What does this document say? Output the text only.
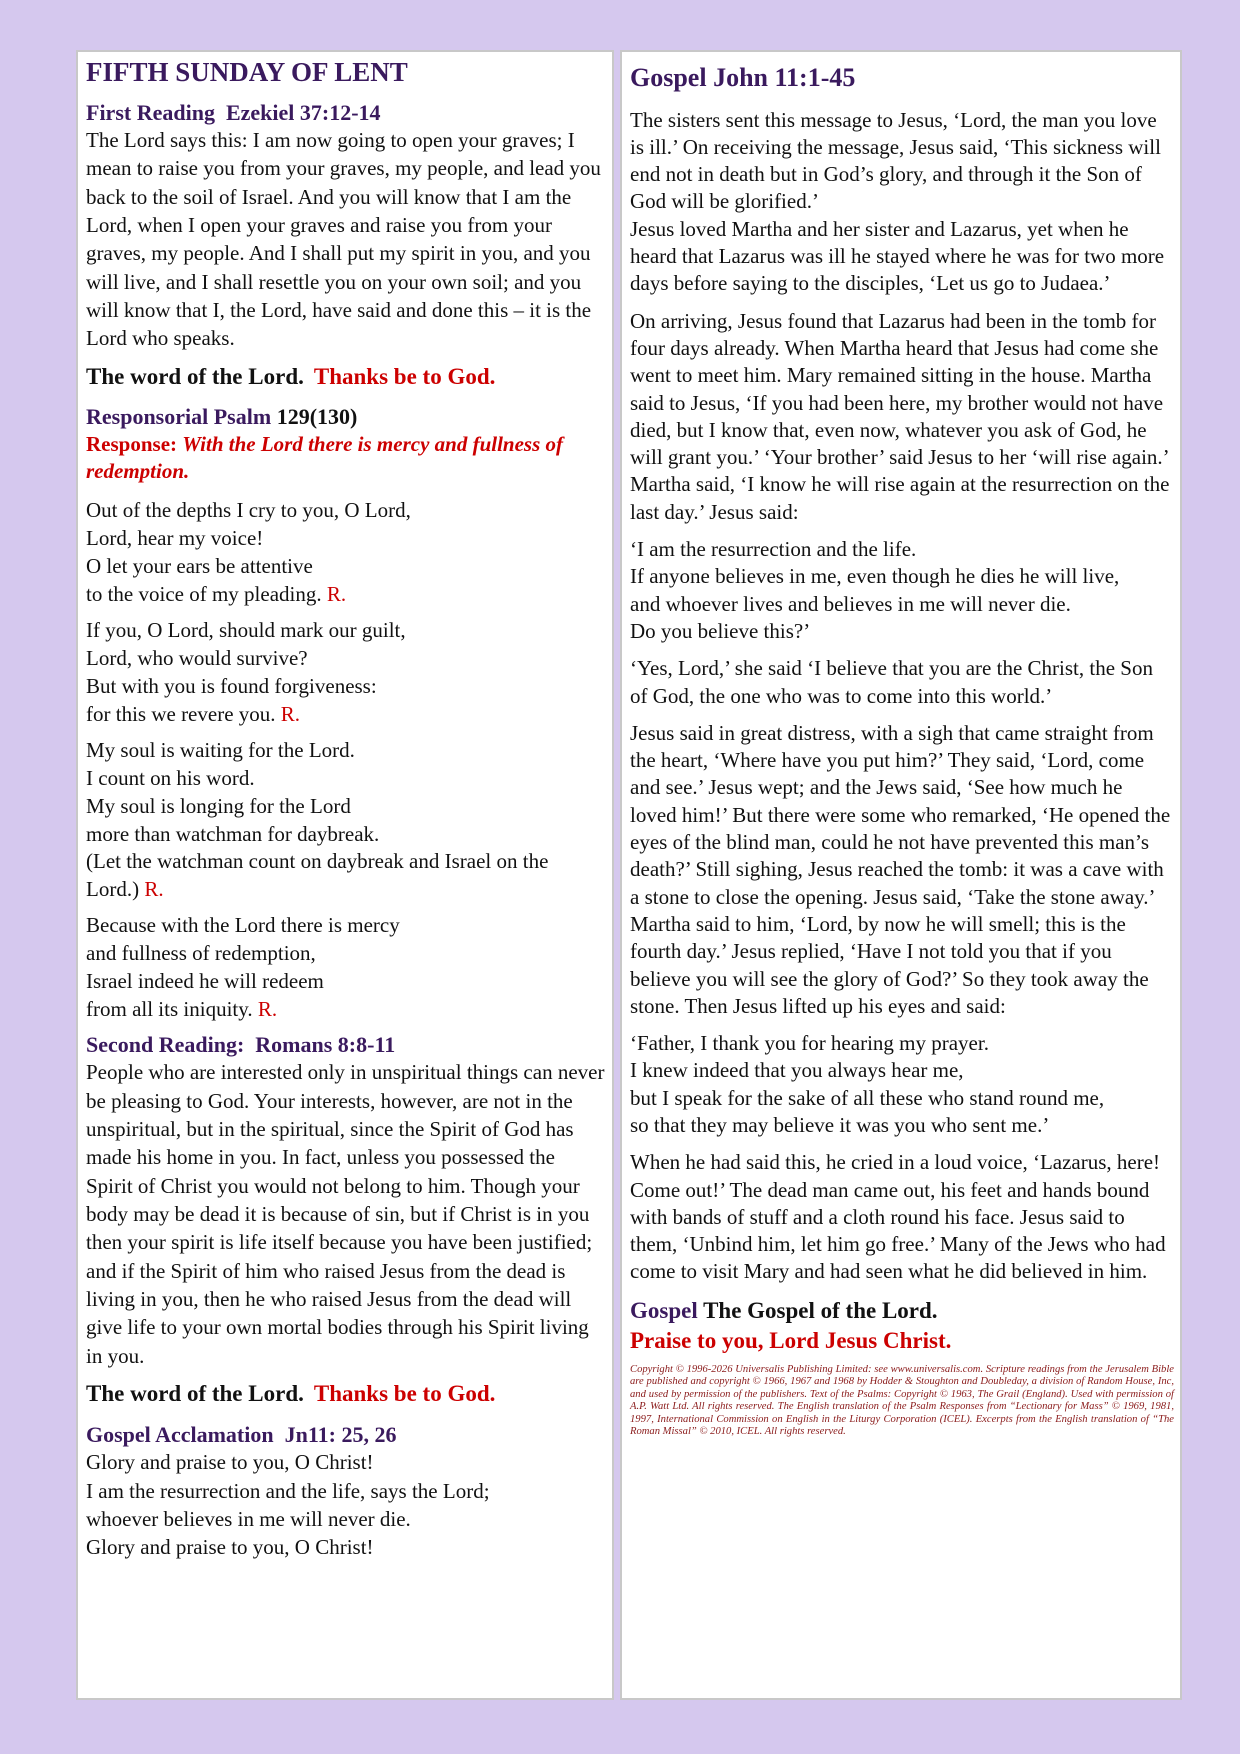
FIFTH SUNDAY OF LENT
First Reading Ezekiel 37:12-14

The Lord says this: I am now going to open your graves; I mean to raise you from your graves, my people, and lead you back to the soil of Israel. And you will know that I am the Lord, when I open your graves and raise you from your graves, my people. And I shall put my spirit in you, and you will live, and I shall resettle you on your own soil; and you will know that I, the Lord, have said and done this – it is the Lord who speaks.

The word of the Lord. Thanks be to God.
Responsorial Psalm 129(130)
Response: With the Lord there is mercy and fullness of redemption.

Out of the depths I cry to you, O Lord,
Lord, hear my voice!
O let your ears be attentive
to the voice of my pleading. R.

If you, O Lord, should mark our guilt,
Lord, who would survive?
But with you is found forgiveness:
for this we revere you. R.

My soul is waiting for the Lord.
I count on his word.
My soul is longing for the Lord
more than watchman for daybreak.
(Let the watchman count on daybreak and Israel on the Lord.) R.

Because with the Lord there is mercy
and fullness of redemption,
Israel indeed he will redeem
from all its iniquity. R.

Second Reading: Romans 8:8-11

People who are interested only in unspiritual things can never be pleasing to God. Your interests, however, are not in the unspiritual, but in the spiritual, since the Spirit of God has made his home in you. In fact, unless you possessed the Spirit of Christ you would not belong to him. Though your body may be dead it is because of sin, but if Christ is in you then your spirit is life itself because you have been justified; and if the Spirit of him who raised Jesus from the dead is living in you, then he who raised Jesus from the dead will give life to your own mortal bodies through his Spirit living in you.

The word of the Lord. Thanks be to God.
Gospel Acclamation Jn11: 25, 26

Glory and praise to you, O Christ!
I am the resurrection and the life, says the Lord;
whoever believes in me will never die.
Glory and praise to you, O Christ!

Gospel John 11:1-45

The sisters sent this message to Jesus, ‘Lord, the man you love is ill.’ On receiving the message, Jesus said, ‘This sickness will end not in death but in God’s glory, and through it the Son of God will be glorified.’
Jesus loved Martha and her sister and Lazarus, yet when he heard that Lazarus was ill he stayed where he was for two more days before saying to the disciples, ‘Let us go to Judaea.’

On arriving, Jesus found that Lazarus had been in the tomb for four days already. When Martha heard that Jesus had come she went to meet him. Mary remained sitting in the house. Martha said to Jesus, ‘If you had been here, my brother would not have died, but I know that, even now, whatever you ask of God, he will grant you.’ ‘Your brother’ said Jesus to her ‘will rise again.’ Martha said, ‘I know he will rise again at the resurrection on the last day.’ Jesus said:

‘I am the resurrection and the life.
If anyone believes in me, even though he dies he will live,
and whoever lives and believes in me will never die.
Do you believe this?’

‘Yes, Lord,’ she said ‘I believe that you are the Christ, the Son of God, the one who was to come into this world.’

Jesus said in great distress, with a sigh that came straight from the heart, ‘Where have you put him?’ They said, ‘Lord, come and see.’ Jesus wept; and the Jews said, ‘See how much he loved him!’ But there were some who remarked, ‘He opened the eyes of the blind man, could he not have prevented this man’s death?’ Still sighing, Jesus reached the tomb: it was a cave with a stone to close the opening. Jesus said, ‘Take the stone away.’ Martha said to him, ‘Lord, by now he will smell; this is the fourth day.’ Jesus replied, ‘Have I not told you that if you believe you will see the glory of God?’ So they took away the stone. Then Jesus lifted up his eyes and said:

‘Father, I thank you for hearing my prayer.
I knew indeed that you always hear me,
but I speak for the sake of all these who stand round me,
so that they may believe it was you who sent me.’

When he had said this, he cried in a loud voice, ‘Lazarus, here! Come out!’ The dead man came out, his feet and hands bound with bands of stuff and a cloth round his face. Jesus said to them, ‘Unbind him, let him go free.’ Many of the Jews who had come to visit Mary and had seen what he did believed in him.

Gospel The Gospel of the Lord.
Praise to you, Lord Jesus Christ.

Copyright © 1996-2026 Universalis Publishing Limited: see www.universalis.com. Scripture readings from the Jerusalem Bible are published and copyright © 1966, 1967 and 1968 by Hodder & Stoughton and Doubleday, a division of Random House, Inc, and used by permission of the publishers. Text of the Psalms: Copyright © 1963, The Grail (England). Used with permission of A.P. Watt Ltd. All rights reserved. The English translation of the Psalm Responses from “Lectionary for Mass” © 1969, 1981, 1997, International Commission on English in the Liturgy Corporation (ICEL). Excerpts from the English translation of “The Roman Missal” © 2010, ICEL. All rights reserved.
